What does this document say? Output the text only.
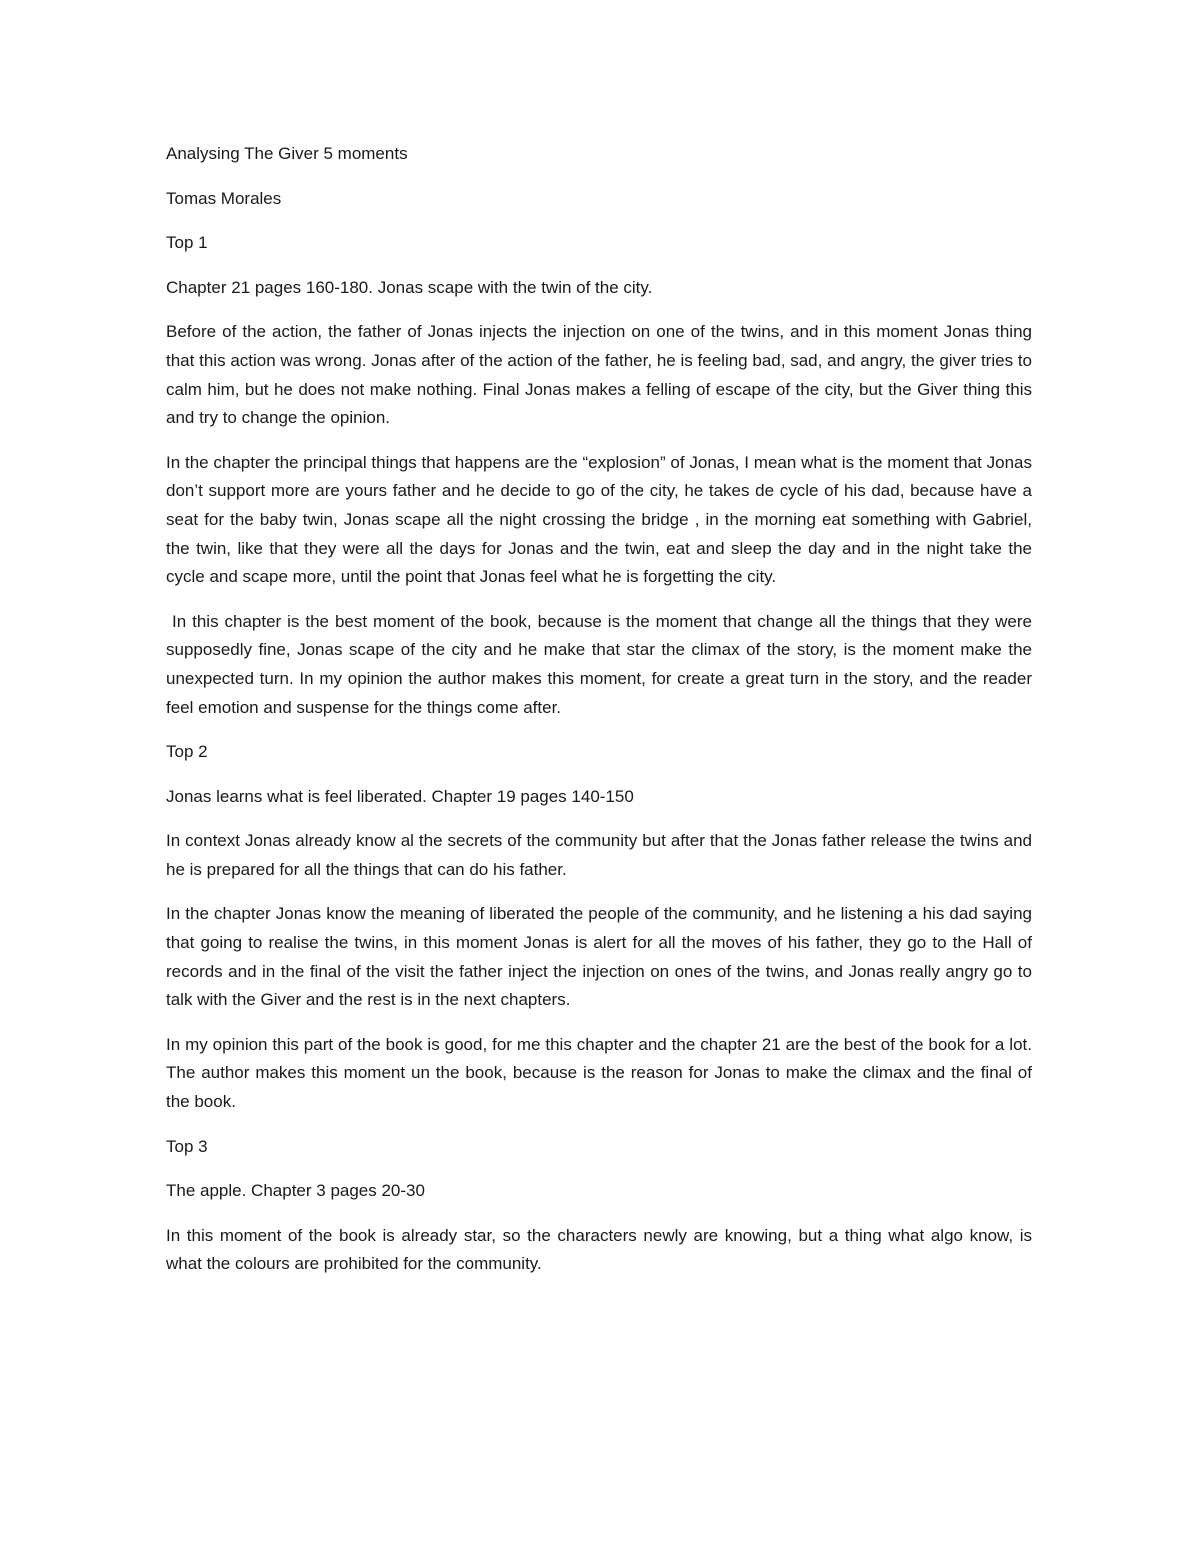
Analysing The Giver 5 moments
Tomas Morales
Top 1
Chapter 21 pages 160-180. Jonas scape with the twin of the city.
Before of the action, the father of Jonas injects the injection on one of the twins, and in this moment Jonas thing that this action was wrong. Jonas after of the action of the father, he is feeling bad, sad, and angry, the giver tries to calm him, but he does not make nothing. Final Jonas makes a felling of escape of the city, but the Giver thing this and try to change the opinion.
In the chapter the principal things that happens are the “explosion” of Jonas, I mean what is the moment that Jonas don’t support more are yours father and he decide to go of the city, he takes de cycle of his dad, because have a seat for the baby twin, Jonas scape all the night crossing the bridge , in the morning eat something with Gabriel, the twin, like that they were all the days for Jonas and the twin, eat and sleep the day and in the night take the cycle and scape more, until the point that Jonas feel what he is forgetting the city.
In this chapter is the best moment of the book, because is the moment that change all the things that they were supposedly fine, Jonas scape of the city and he make that star the climax of the story, is the moment make the unexpected turn. In my opinion the author makes this moment, for create a great turn in the story, and the reader feel emotion and suspense for the things come after.
Top 2
Jonas learns what is feel liberated. Chapter 19 pages 140-150
In context Jonas already know al the secrets of the community but after that the Jonas father release the twins and he is prepared for all the things that can do his father.
In the chapter Jonas know the meaning of liberated the people of the community, and he listening a his dad saying that going to realise the twins, in this moment Jonas is alert for all the moves of his father, they go to the Hall of records and in the final of the visit the father inject the injection on ones of the twins, and Jonas really angry go to talk with the Giver and the rest is in the next chapters.
In my opinion this part of the book is good, for me this chapter and the chapter 21 are the best of the book for a lot. The author makes this moment un the book, because is the reason for Jonas to make the climax and the final of the book.
Top 3
The apple. Chapter 3 pages 20-30
In this moment of the book is already star, so the characters newly are knowing, but a thing what algo know, is what the colours are prohibited for the community.
